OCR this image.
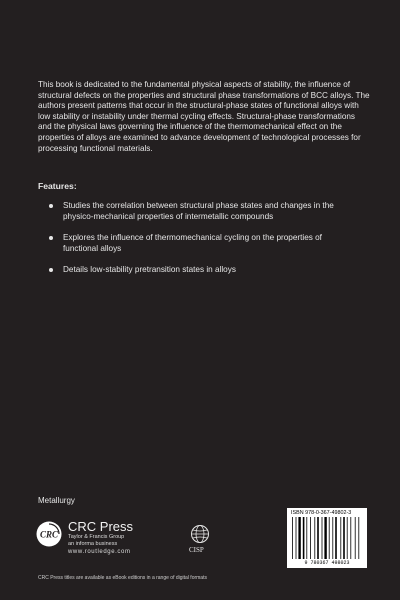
This book is dedicated to the fundamental physical aspects of stability, the influence of structural defects on the properties and structural phase transformations of BCC alloys. The authors present patterns that occur in the structural-phase states of functional alloys with low stability or instability under thermal cycling effects. Structural-phase transformations and the physical laws governing the influence of the thermomechanical effect on the properties of alloys are examined to advance development of technological processes for processing functional materials.

Features:

Studies the correlation between structural phase states and changes in the physico-mechanical properties of intermetallic compounds
Explores the influence of thermomechanical cycling on the properties of functional alloys
Details low-stability pretransition states in alloys

Metallurgy

CRC
CRC Press
Taylor & Francis Group
an informa business
www.routledge.com	CISP
ISBN 978-0-367-49802-3
9 780367 498023

CRC Press titles are available as eBook editions in a range of digital formats
